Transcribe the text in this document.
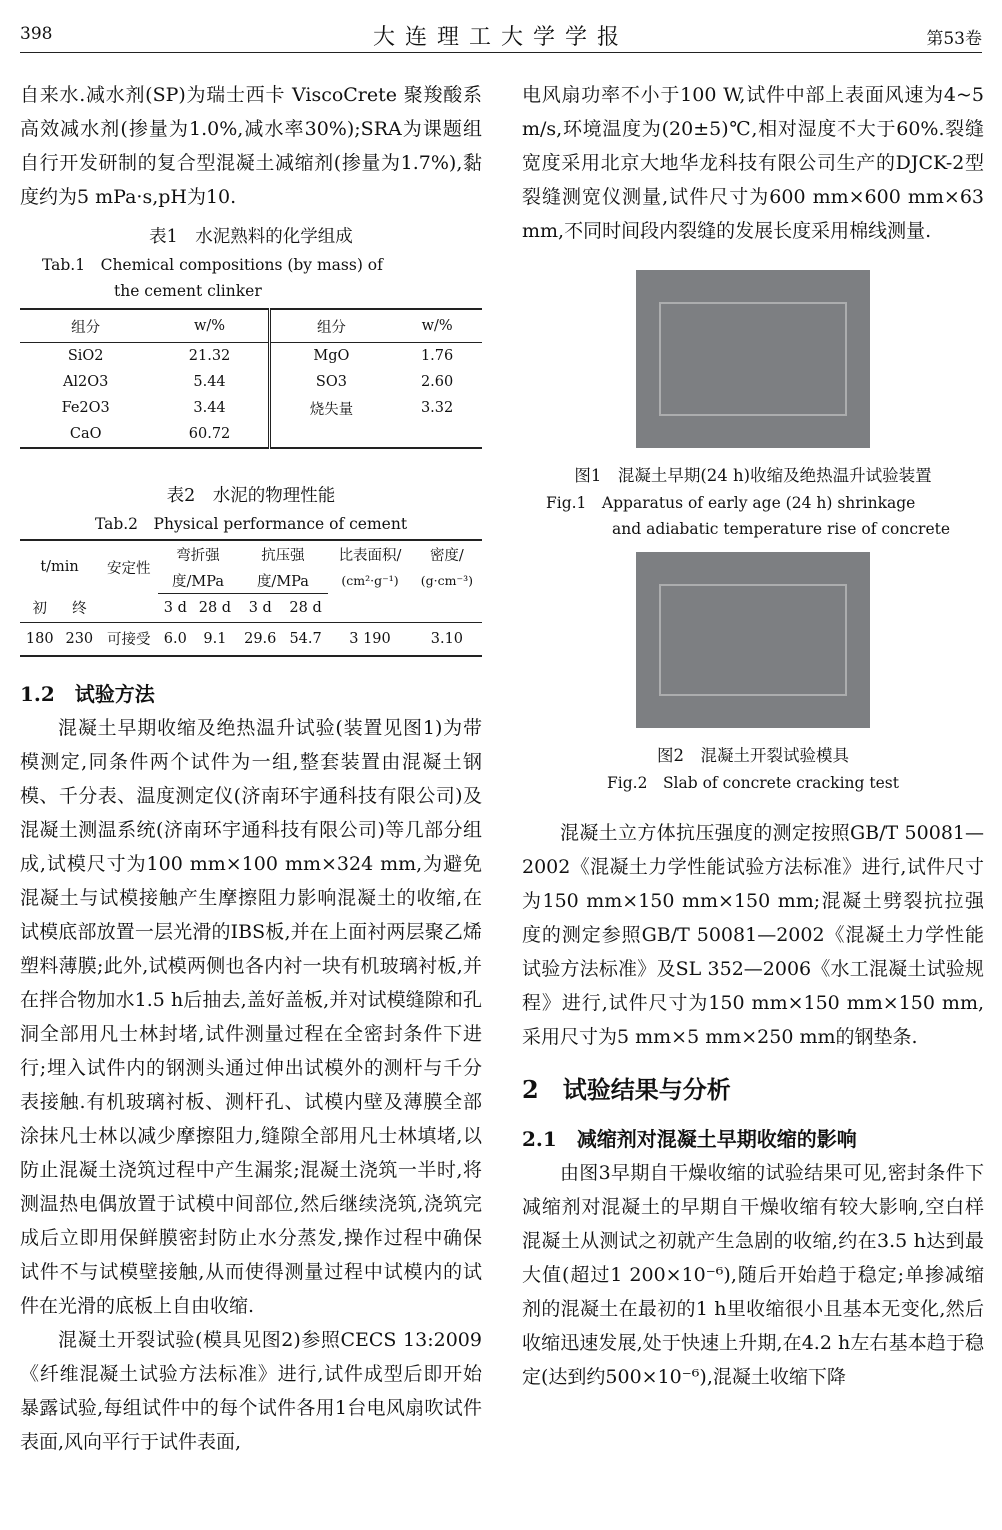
398	大连理工大学学报	第53卷

自来水.减水剂(SP)为瑞士西卡 ViscoCrete 聚羧酸系高效减水剂(掺量为1.0%,减水率30%);SRA为课题组自行开发研制的复合型混凝土减缩剂(掺量为1.7%),黏度约为5 mPa·s,pH为10.

表1　水泥熟料的化学组成
Tab.1　Chemical compositions (by mass) of
the cement clinker
组分	w/%	组分	w/%
SiO2	21.32	MgO	1.76
Al2O3	5.44	SO3	2.60
Fe2O3	3.44	烧失量	3.32
CaO	60.72		
表2　水泥的物理性能
Tab.2　Physical performance of cement
t/min		安定性	弯折强		抗压强		比表面积/	密度/
			度/MPa		度/MPa		(cm²·g⁻¹)	(g·cm⁻³)
初	终		3 d	28 d	3 d	28 d		
180	230	可接受	6.0	9.1	29.6	54.7	3 190	3.10
1.2　试验方法

混凝土早期收缩及绝热温升试验(装置见图1)为带模测定,同条件两个试件为一组,整套装置由混凝土钢模、千分表、温度测定仪(济南环宇通科技有限公司)及混凝土测温系统(济南环宇通科技有限公司)等几部分组成,试模尺寸为100 mm×100 mm×324 mm,为避免混凝土与试模接触产生摩擦阻力影响混凝土的收缩,在试模底部放置一层光滑的IBS板,并在上面衬两层聚乙烯塑料薄膜;此外,试模两侧也各内衬一块有机玻璃衬板,并在拌合物加水1.5 h后抽去,盖好盖板,并对试模缝隙和孔洞全部用凡士林封堵,试件测量过程在全密封条件下进行;埋入试件内的钢测头通过伸出试模外的测杆与千分表接触.有机玻璃衬板、测杆孔、试模内壁及薄膜全部涂抹凡士林以减少摩擦阻力,缝隙全部用凡士林填堵,以防止混凝土浇筑过程中产生漏浆;混凝土浇筑一半时,将测温热电偶放置于试模中间部位,然后继续浇筑,浇筑完成后立即用保鲜膜密封防止水分蒸发,操作过程中确保试件不与试模壁接触,从而使得测量过程中试模内的试件在光滑的底板上自由收缩.

混凝土开裂试验(模具见图2)参照CECS 13:2009《纤维混凝土试验方法标准》进行,试件成型后即开始暴露试验,每组试件中的每个试件各用1台电风扇吹试件表面,风向平行于试件表面,

电风扇功率不小于100 W,试件中部上表面风速为4~5 m/s,环境温度为(20±5)℃,相对湿度不大于60%.裂缝宽度采用北京大地华龙科技有限公司生产的DJCK-2型裂缝测宽仪测量,试件尺寸为600 mm×600 mm×63 mm,不同时间段内裂缝的发展长度采用棉线测量.

图1　混凝土早期(24 h)收缩及绝热温升试验装置
Fig.1　Apparatus of early age (24 h) shrinkage
and adiabatic temperature rise of concrete
图2　混凝土开裂试验模具
Fig.2　Slab of concrete cracking test

混凝土立方体抗压强度的测定按照GB/T 50081—2002《混凝土力学性能试验方法标准》进行,试件尺寸为150 mm×150 mm×150 mm;混凝土劈裂抗拉强度的测定参照GB/T 50081—2002《混凝土力学性能试验方法标准》及SL 352—2006《水工混凝土试验规程》进行,试件尺寸为150 mm×150 mm×150 mm,采用尺寸为5 mm×5 mm×250 mm的钢垫条.

2　试验结果与分析
2.1　减缩剂对混凝土早期收缩的影响

由图3早期自干燥收缩的试验结果可见,密封条件下减缩剂对混凝土的早期自干燥收缩有较大影响,空白样混凝土从测试之初就产生急剧的收缩,约在3.5 h达到最大值(超过1 200×10⁻⁶),随后开始趋于稳定;单掺减缩剂的混凝土在最初的1 h里收缩很小且基本无变化,然后收缩迅速发展,处于快速上升期,在4.2 h左右基本趋于稳定(达到约500×10⁻⁶),混凝土收缩下降
